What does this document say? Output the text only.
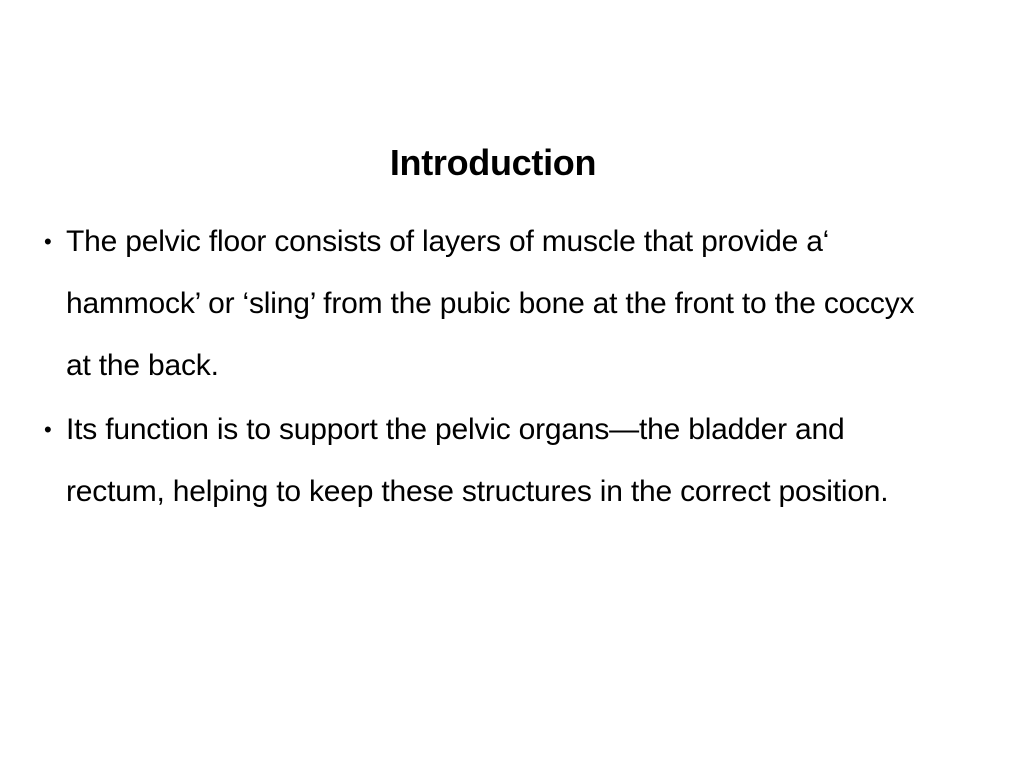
Introduction
• The pelvic floor consists of layers of muscle that provide a‘ hammock’ or ‘sling’ from the pubic bone at the front to the coccyx at the back.
• Its function is to support the pelvic organs—the bladder and rectum, helping to keep these structures in the correct position.
